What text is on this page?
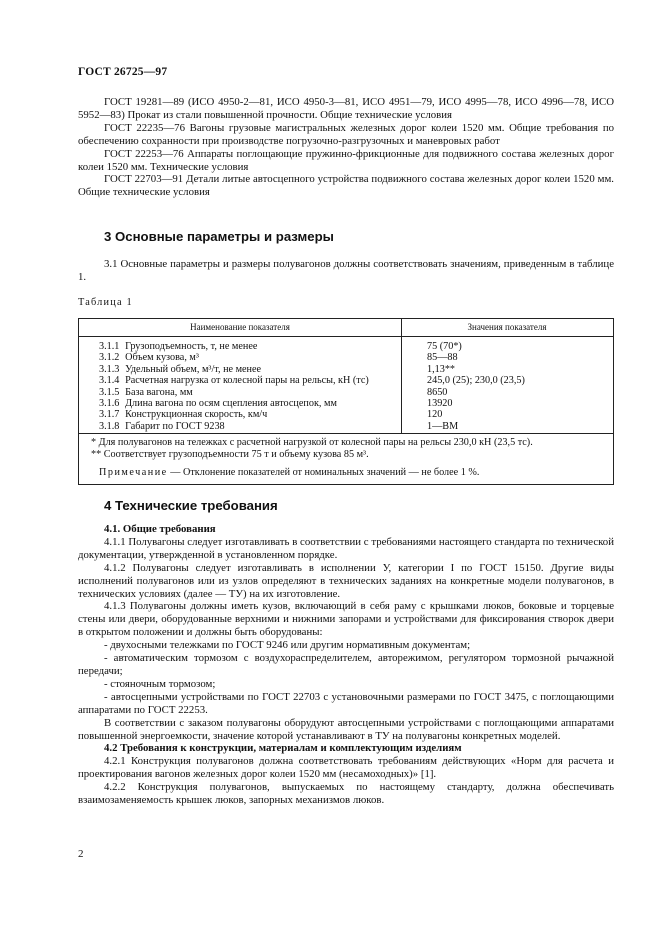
ГОСТ 26725—97

ГОСТ 19281—89 (ИСО 4950-2—81, ИСО 4950-3—81, ИСО 4951—79, ИСО 4995—78, ИСО 4996—78, ИСО 5952—83) Прокат из стали повышенной прочности. Общие технические условия

ГОСТ 22235—76 Вагоны грузовые магистральных железных дорог колеи 1520 мм. Общие требования по обеспечению сохранности при производстве погрузочно-разгрузочных и маневровых работ

ГОСТ 22253—76 Аппараты поглощающие пружинно-фрикционные для подвижного состава железных дорог колеи 1520 мм. Технические условия

ГОСТ 22703—91 Детали литые автосцепного устройства подвижного состава железных дорог колеи 1520 мм. Общие технические условия

3 Основные параметры и размеры

3.1 Основные параметры и размеры полувагонов должны соответствовать значениям, приведенным в таблице 1.

Таблица 1
Наименование показателя	Значения показателя
3.1.1 Грузоподъемность, т, не менее
3.1.2 Объем кузова, м³
3.1.3 Удельный объем, м³/т, не менее
3.1.4 Расчетная нагрузка от колесной пары на рельсы, кН (тс)
3.1.5 База вагона, мм
3.1.6 Длина вагона по осям сцепления автосцепок, мм
3.1.7 Конструкционная скорость, км/ч
3.1.8 Габарит по ГОСТ 9238
75 (70*)
85—88
1,13**
245,0 (25); 230,0 (23,5)
8650
13920
120
1—ВМ
* Для полувагонов на тележках с расчетной нагрузкой от колесной пары на рельсы 230,0 кН (23,5 тс).
** Соответствует грузоподъемности 75 т и объему кузова 85 м³.
Примечание — Отклонение показателей от номинальных значений — не более 1 %.
4 Технические требования

4.1. Общие требования

4.1.1 Полувагоны следует изготавливать в соответствии с требованиями настоящего стандарта по технической документации, утвержденной в установленном порядке.

4.1.2 Полувагоны следует изготавливать в исполнении У, категории I по ГОСТ 15150. Другие виды исполнений полувагонов или из узлов определяют в технических заданиях на конкретные модели полувагонов, в технических условиях (далее — ТУ) на их изготовление.

4.1.3 Полувагоны должны иметь кузов, включающий в себя раму с крышками люков, боковые и торцевые стены или двери, оборудованные верхними и нижними запорами и устройствами для фиксирования створок двери в открытом положении и должны быть оборудованы:

- двухосными тележками по ГОСТ 9246 или другим нормативным документам;
- автоматическим тормозом с воздухораспределителем, авторежимом, регулятором тормозной рычажной передачи;
- стояночным тормозом;
- автосцепными устройствами по ГОСТ 22703 с установочными размерами по ГОСТ 3475, с поглощающими аппаратами по ГОСТ 22253.

В соответствии с заказом полувагоны оборудуют автосцепными устройствами с поглощающими аппаратами повышенной энергоемкости, значение которой устанавливают в ТУ на полувагоны конкретных моделей.

4.2 Требования к конструкции, материалам и комплектующим изделиям

4.2.1 Конструкция полувагонов должна соответствовать требованиям действующих «Норм для расчета и проектирования вагонов железных дорог колеи 1520 мм (несамоходных)» [1].

4.2.2 Конструкция полувагонов, выпускаемых по настоящему стандарту, должна обеспечивать взаимозаменяемость крышек люков, запорных механизмов люков.

2
